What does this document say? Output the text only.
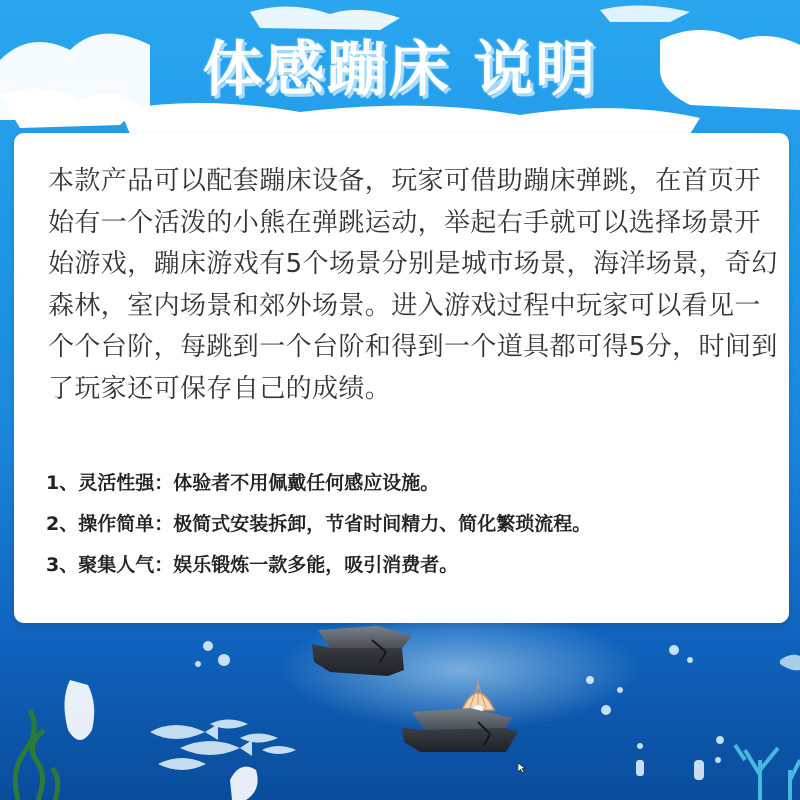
体感蹦床 说明

本款产品可以配套蹦床设备，玩家可借助蹦床弹跳，在首页开始有一个活泼的小熊在弹跳运动，举起右手就可以选择场景开始游戏，蹦床游戏有5个场景分别是城市场景，海洋场景，奇幻森林，室内场景和郊外场景。进入游戏过程中玩家可以看见一个个台阶，每跳到一个台阶和得到一个道具都可得5分，时间到了玩家还可保存自己的成绩。

1、灵活性强：体验者不用佩戴任何感应设施。
2、操作简单：极简式安装拆卸，节省时间精力、简化繁琐流程。
3、聚集人气：娱乐锻炼一款多能，吸引消费者。
